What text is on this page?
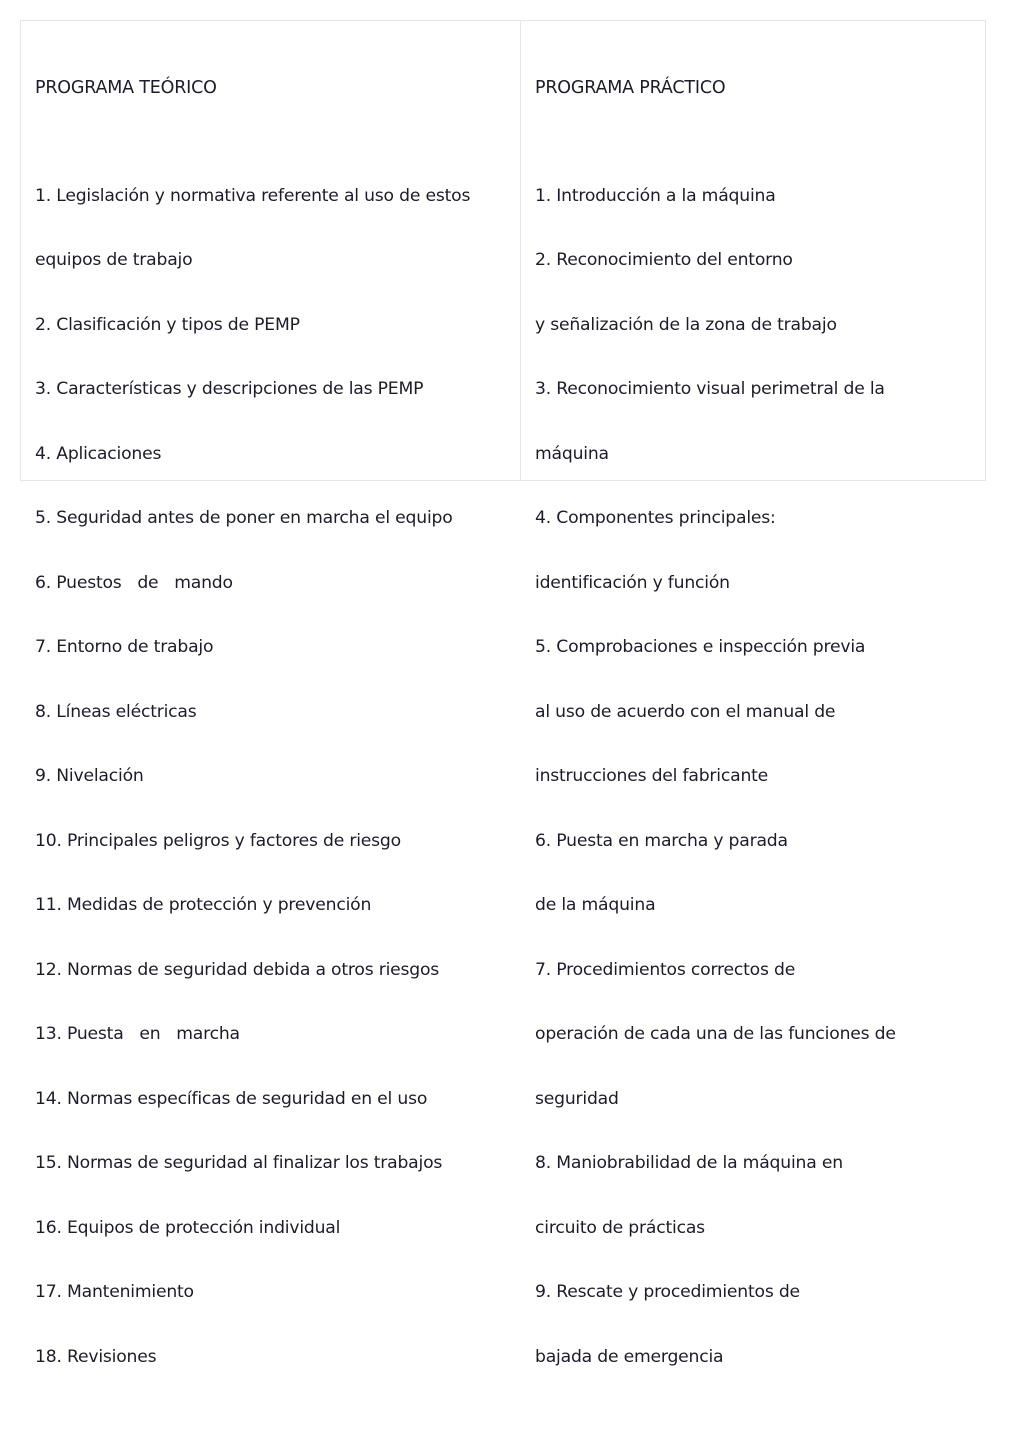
PROGRAMA TEÓRICO

1. Legislación y normativa referente al uso de estos

equipos de trabajo

2. Clasificación y tipos de PEMP

3. Características y descripciones de las PEMP

4. Aplicaciones

5. Seguridad antes de poner en marcha el equipo

6. Puestos   de   mando

7. Entorno de trabajo

8. Líneas eléctricas

9. Nivelación

10. Principales peligros y factores de riesgo

11. Medidas de protección y prevención

12. Normas de seguridad debida a otros riesgos

13. Puesta   en   marcha

14. Normas específicas de seguridad en el uso

15. Normas de seguridad al finalizar los trabajos

16. Equipos de protección individual

17. Mantenimiento

18. Revisiones

PROGRAMA PRÁCTICO

1. Introducción a la máquina

2. Reconocimiento del entorno

y señalización de la zona de trabajo

3. Reconocimiento visual perimetral de la

máquina

4. Componentes principales:

identificación y función

5. Comprobaciones e inspección previa

al uso de acuerdo con el manual de

instrucciones del fabricante

6. Puesta en marcha y parada

de la máquina

7. Procedimientos correctos de

operación de cada una de las funciones de

seguridad

8. Maniobrabilidad de la máquina en

circuito de prácticas

9. Rescate y procedimientos de

bajada de emergencia
